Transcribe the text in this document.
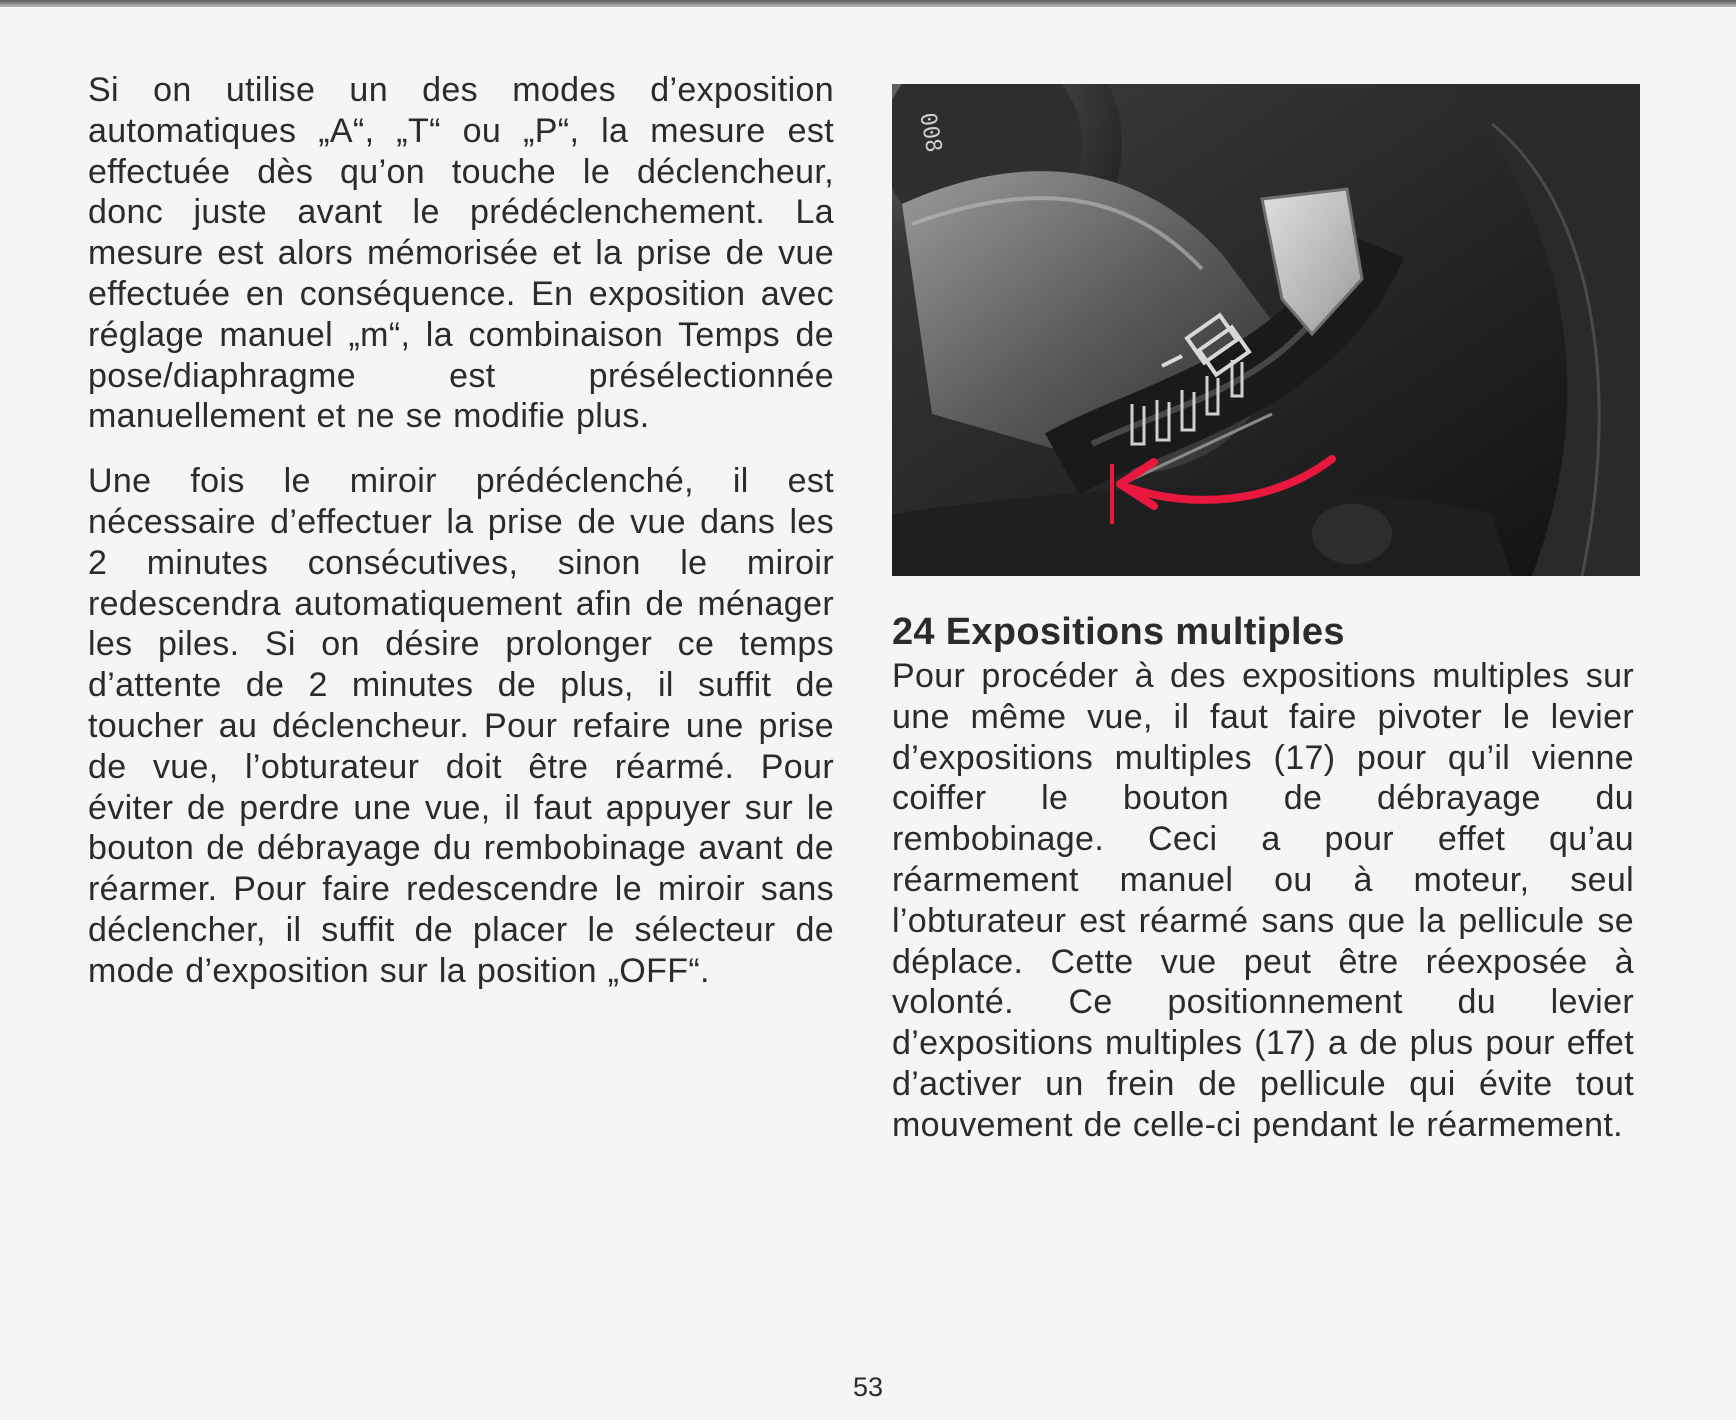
Si on utilise un des modes d’exposition automatiques „A“, „T“ ou „P“, la mesure est effectuée dès qu’on touche le déclencheur, donc juste avant le prédéclenchement. La mesure est alors mémorisée et la prise de vue effectuée en conséquence. En exposition avec réglage manuel „m“, la combinaison Temps de pose/diaphragme est présélectionnée manuellement et ne se modifie plus.

Une fois le miroir prédéclenché, il est nécessaire d’effectuer la prise de vue dans les 2 minutes consécutives, sinon le miroir redescendra automatiquement afin de ménager les piles. Si on désire prolonger ce temps d’attente de 2 minutes de plus, il suffit de toucher au déclencheur. Pour refaire une prise de vue, l’obturateur doit être réarmé. Pour éviter de perdre une vue, il faut appuyer sur le bouton de débrayage du rembobinage avant de réarmer. Pour faire redescendre le miroir sans déclencher, il suffit de placer le sélecteur de mode d’exposition sur la position „OFF“.

008
24 Expositions multiples

Pour procéder à des expositions multiples sur une même vue, il faut faire pivoter le levier d’expositions multiples (17) pour qu’il vienne coiffer le bouton de débrayage du rembobinage. Ceci a pour effet qu’au réarmement manuel ou à moteur, seul l’obturateur est réarmé sans que la pellicule se déplace. Cette vue peut être réexposée à volonté. Ce positionnement du levier d’expositions multiples (17) a de plus pour effet d’activer un frein de pellicule qui évite tout mouvement de celle-ci pendant le réarmement.

53
